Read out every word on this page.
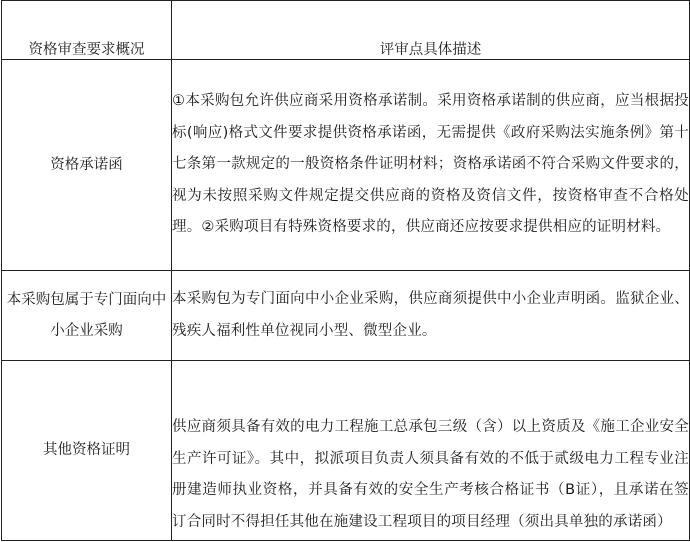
资格审查要求概况	评审点具体描述
资格承诺函	①本采购包允许供应商采用资格承诺制。采用资格承诺制的供应商，应当根据投标(响应)格式文件要求提供资格承诺函，无需提供《政府采购法实施条例》第十七条第一款规定的一般资格条件证明材料；资格承诺函不符合采购文件要求的，视为未按照采购文件规定提交供应商的资格及资信文件，按资格审查不合格处理。②采购项目有特殊资格要求的，供应商还应按要求提供相应的证明材料。
本采购包属于专门面向中小企业采购	本采购包为专门面向中小企业采购，供应商须提供中小企业声明函。监狱企业、残疾人福利性单位视同小型、微型企业。
其他资格证明	供应商须具备有效的电力工程施工总承包三级（含）以上资质及《施工企业安全生产许可证》。其中，拟派项目负责人须具备有效的不低于贰级电力工程专业注册建造师执业资格，并具备有效的安全生产考核合格证书（B证），且承诺在签订合同时不得担任其他在施建设工程项目的项目经理（须出具单独的承诺函）
